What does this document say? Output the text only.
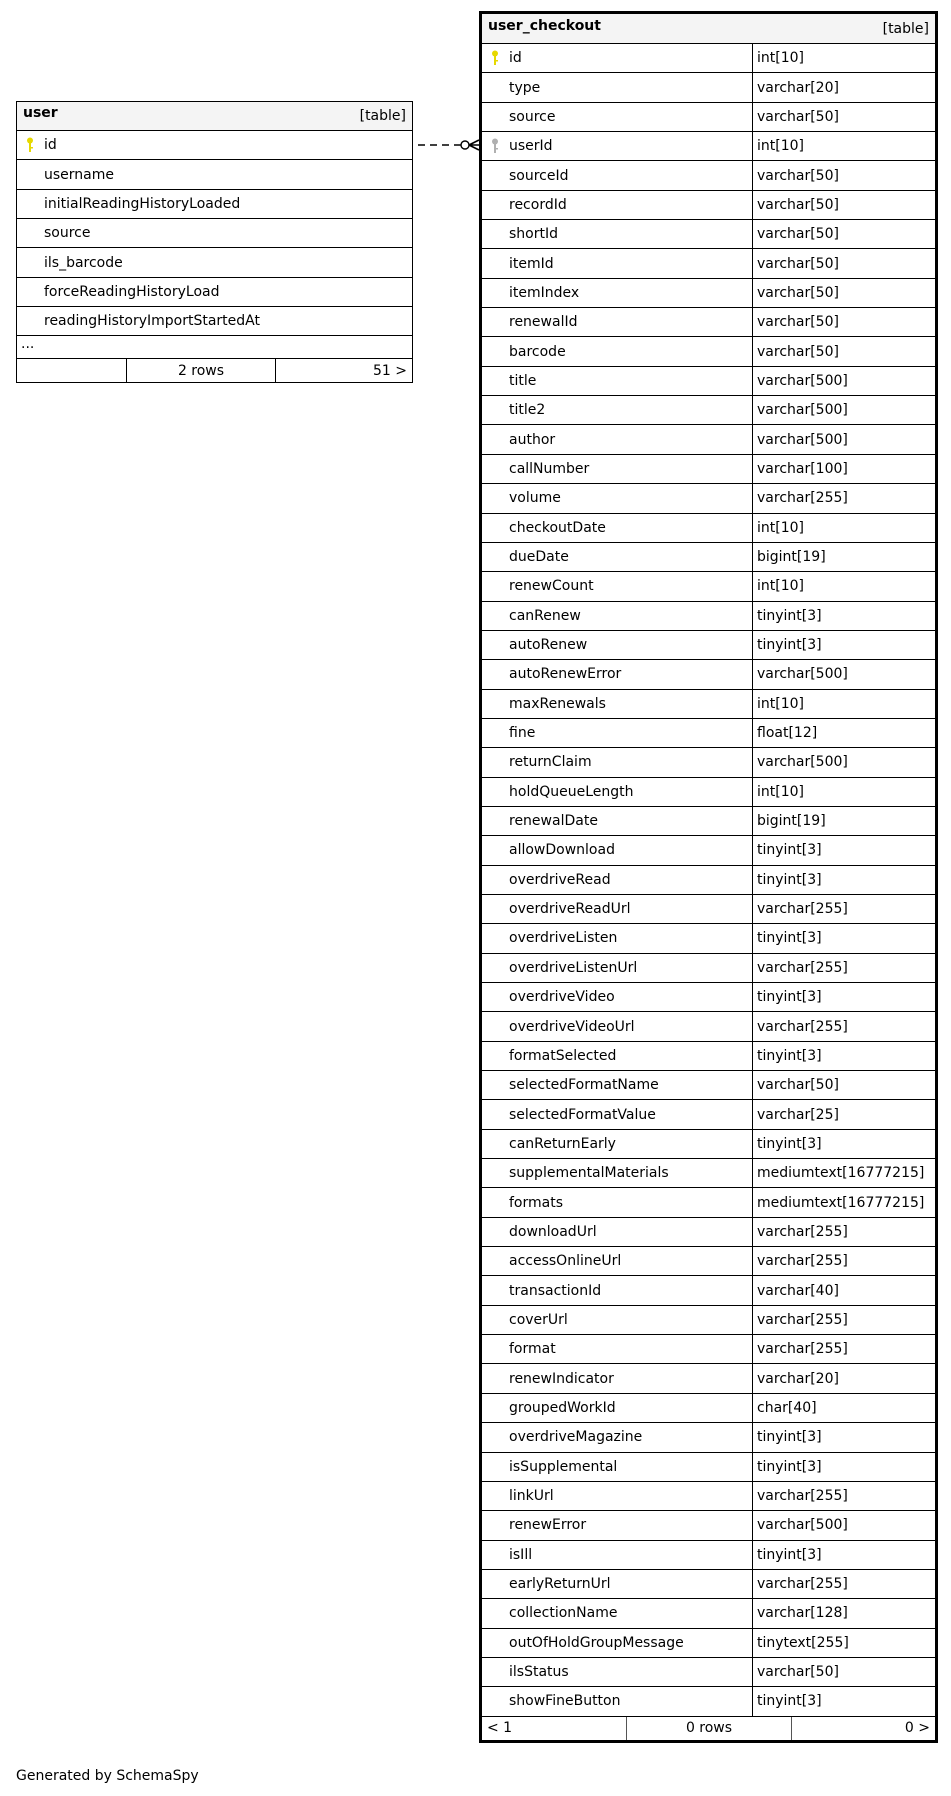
user	[table]
id
username
initialReadingHistoryLoaded
source
ils_barcode
forceReadingHistoryLoad
readingHistoryImportStartedAt
...
2 rows	51 >
user_checkout	[table]
id	int[10]
type	varchar[20]
source	varchar[50]
userId	int[10]
sourceId	varchar[50]
recordId	varchar[50]
shortId	varchar[50]
itemId	varchar[50]
itemIndex	varchar[50]
renewalId	varchar[50]
barcode	varchar[50]
title	varchar[500]
title2	varchar[500]
author	varchar[500]
callNumber	varchar[100]
volume	varchar[255]
checkoutDate	int[10]
dueDate	bigint[19]
renewCount	int[10]
canRenew	tinyint[3]
autoRenew	tinyint[3]
autoRenewError	varchar[500]
maxRenewals	int[10]
fine	float[12]
returnClaim	varchar[500]
holdQueueLength	int[10]
renewalDate	bigint[19]
allowDownload	tinyint[3]
overdriveRead	tinyint[3]
overdriveReadUrl	varchar[255]
overdriveListen	tinyint[3]
overdriveListenUrl	varchar[255]
overdriveVideo	tinyint[3]
overdriveVideoUrl	varchar[255]
formatSelected	tinyint[3]
selectedFormatName	varchar[50]
selectedFormatValue	varchar[25]
canReturnEarly	tinyint[3]
supplementalMaterials	mediumtext[16777215]
formats	mediumtext[16777215]
downloadUrl	varchar[255]
accessOnlineUrl	varchar[255]
transactionId	varchar[40]
coverUrl	varchar[255]
format	varchar[255]
renewIndicator	varchar[20]
groupedWorkId	char[40]
overdriveMagazine	tinyint[3]
isSupplemental	tinyint[3]
linkUrl	varchar[255]
renewError	varchar[500]
isIll	tinyint[3]
earlyReturnUrl	varchar[255]
collectionName	varchar[128]
outOfHoldGroupMessage	tinytext[255]
ilsStatus	varchar[50]
showFineButton	tinyint[3]
< 1	0 rows	0 >
Generated by SchemaSpy
